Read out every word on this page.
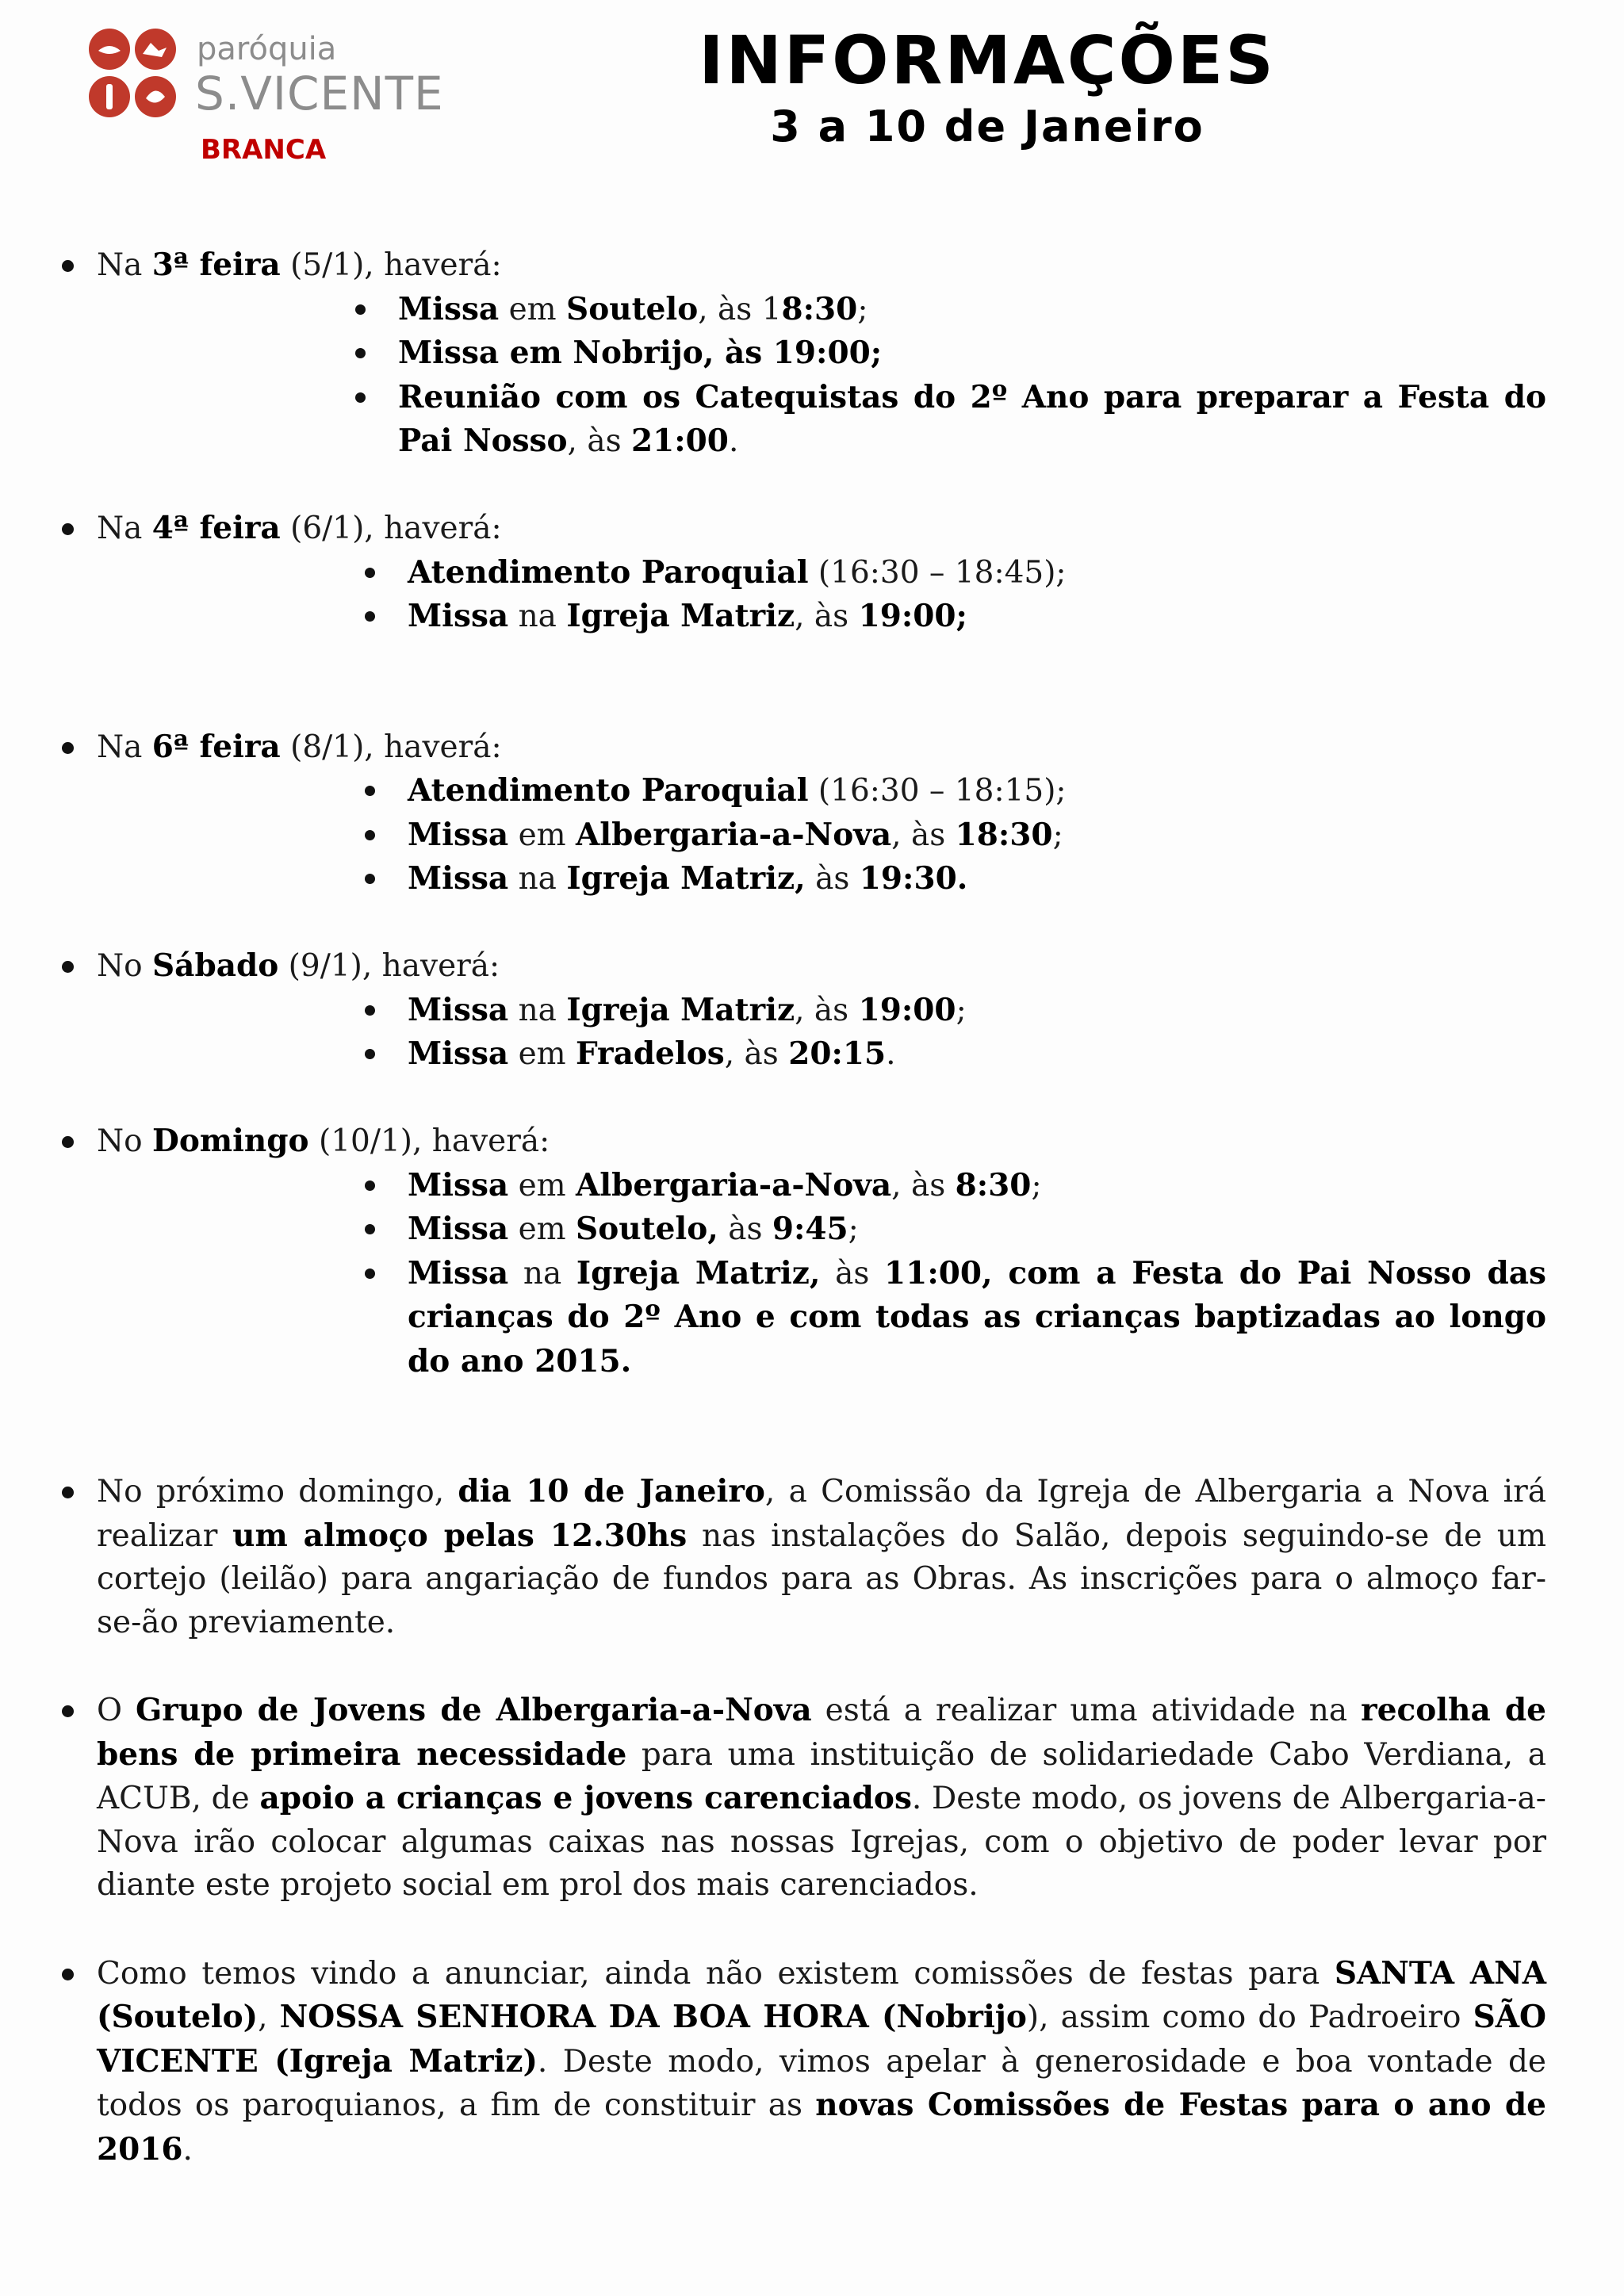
paróquia
S.VICENTE
BRANCA
INFORMAÇÕES
3 a 10 de Janeiro
Na 3ª feira (5/1), haverá:
Missa em Soutelo, às 18:30;
Missa em Nobrijo, às 19:00;
Reunião com os Catequistas do 2º Ano para preparar a Festa do Pai Nosso, às 21:00.
Na 4ª feira (6/1), haverá:
Atendimento Paroquial (16:30 – 18:45);
Missa na Igreja Matriz, às 19:00;
Na 6ª feira (8/1), haverá:
Atendimento Paroquial (16:30 – 18:15);
Missa em Albergaria-a-Nova, às 18:30;
Missa na Igreja Matriz, às 19:30.
No Sábado (9/1), haverá:
Missa na Igreja Matriz, às 19:00;
Missa em Fradelos, às 20:15.
No Domingo (10/1), haverá:
Missa em Albergaria-a-Nova, às 8:30;
Missa em Soutelo, às 9:45;
Missa na Igreja Matriz, às 11:00, com a Festa do Pai Nosso das crianças do 2º Ano e com todas as crianças baptizadas ao longo do ano 2015.
No próximo domingo, dia 10 de Janeiro, a Comissão da Igreja de Albergaria a Nova irá realizar um almoço pelas 12.30hs nas instalações do Salão, depois seguindo-se de um cortejo (leilão) para angariação de fundos para as Obras. As inscrições para o almoço far-se-ão previamente.
O Grupo de Jovens de Albergaria-a-Nova está a realizar uma atividade na recolha de bens de primeira necessidade para uma instituição de solidariedade Cabo Verdiana, a ACUB, de apoio a crianças e jovens carenciados. Deste modo, os jovens de Albergaria-a-Nova irão colocar algumas caixas nas nossas Igrejas, com o objetivo de poder levar por diante este projeto social em prol dos mais carenciados.
Como temos vindo a anunciar, ainda não existem comissões de festas para SANTA ANA (Soutelo), NOSSA SENHORA DA BOA HORA (Nobrijo), assim como do Padroeiro SÃO VICENTE (Igreja Matriz). Deste modo, vimos apelar à generosidade e boa vontade de todos os paroquianos, a fim de constituir as novas Comissões de Festas para o ano de 2016.
